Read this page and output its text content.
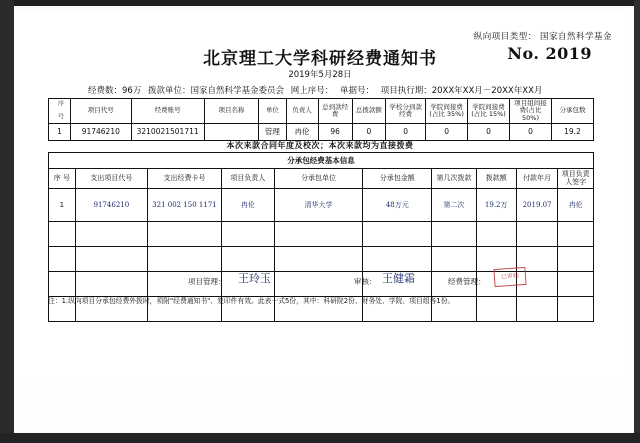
纵向项目类型： 国家自然科学基金
北京理工大学科研经费通知书	No. 2019
2019年5月28日
经费数：96万 拨款单位：国家自然科学基金委员会 网上序号： 单据号： 项目执行期：20XX年XX月－20XX年XX月
序 号	项目代号	经费账号	项目名称	单位	负责人	总到款经费	总拨款额	学校分到款经费	学院间接费(占比 35%)	学院间接费(占比 15%)	项目组间接费(占比 50%)	分承包数
1	91746210	3210021501711		管理	冉伦	96	0	0	0	0	0	19.2
本次来款合同年度及校次；本次来款均为直接拨费
分承包经费基本信息									
序 号	支出项目代号	支出经费卡号	项目负责人	分承包单位	分承包金额	第几次拨款	拨款额	付款年月	项目负责人签字
1	91746210	321 002 150 1171	冉伦	清华大学	48万元	第二次	19.2万	2019.07	冉伦

项目管理： 王玲玉	审核： 王健霜	经费管理：
已审核
注：1.纵向项目分承包经费外拨时，须附"经费通知书"、复印件有效。此表一式5份，其中：科研院2份、财务处、学院、项目组各1份。
